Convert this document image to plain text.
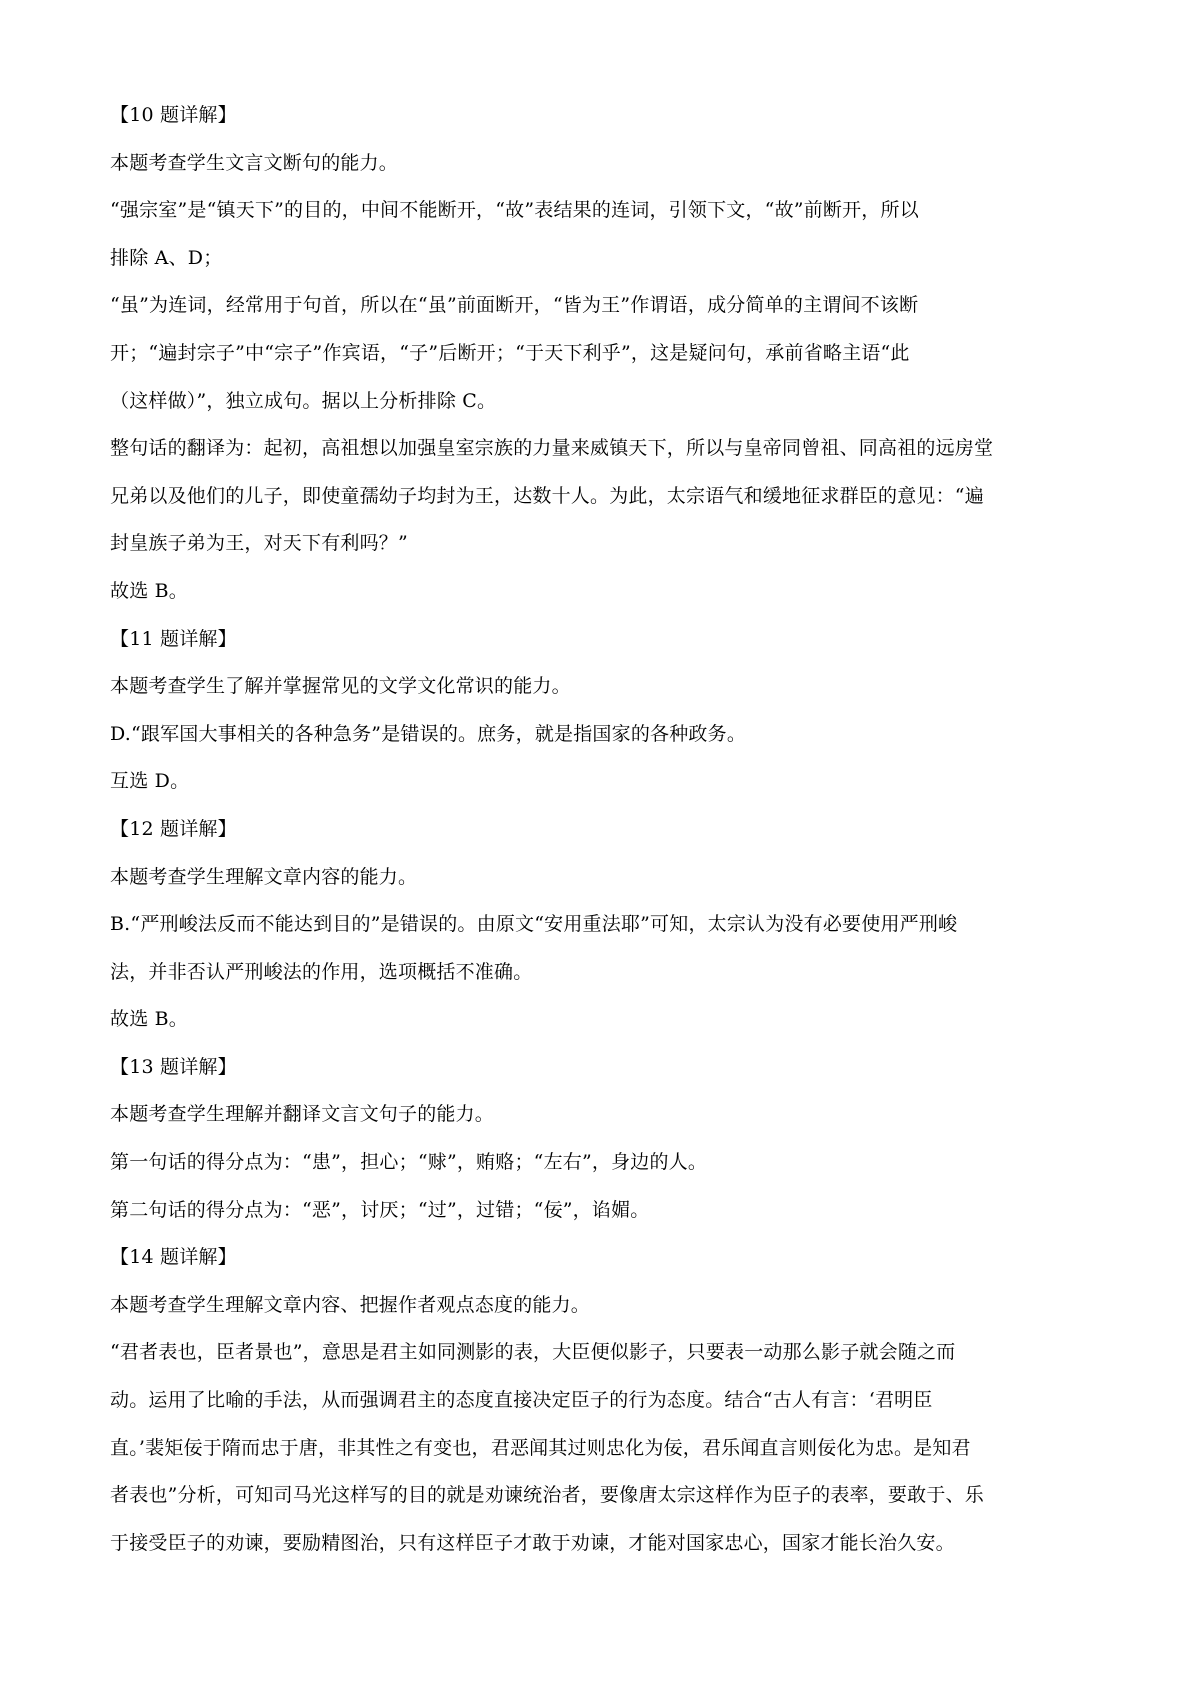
【10 题详解】
本题考查学生文言文断句的能力。
“强宗室”是“镇天下”的目的，中间不能断开，“故”表结果的连词，引领下文，“故”前断开，所以
排除 A、D；
“虽”为连词，经常用于句首，所以在“虽”前面断开，“皆为王”作谓语，成分简单的主谓间不该断
开；“遍封宗子”中“宗子”作宾语，“子”后断开；“于天下利乎”，这是疑问句，承前省略主语“此
（这样做）”，独立成句。据以上分析排除 C。
整句话的翻译为：起初，高祖想以加强皇室宗族的力量来威镇天下，所以与皇帝同曾祖、同高祖的远房堂
兄弟以及他们的儿子，即使童孺幼子均封为王，达数十人。为此，太宗语气和缓地征求群臣的意见：“遍
封皇族子弟为王，对天下有利吗？”
故选 B。
【11 题详解】
本题考查学生了解并掌握常见的文学文化常识的能力。
D.“跟军国大事相关的各种急务”是错误的。庶务，就是指国家的各种政务。
互选 D。
【12 题详解】
本题考查学生理解文章内容的能力。
B.“严刑峻法反而不能达到目的”是错误的。由原文“安用重法耶”可知，太宗认为没有必要使用严刑峻
法，并非否认严刑峻法的作用，选项概括不准确。
故选 B。
【13 题详解】
本题考查学生理解并翻译文言文句子的能力。
第一句话的得分点为：“患”，担心；“赇”，贿赂；“左右”，身边的人。
第二句话的得分点为：“恶”，讨厌；“过”，过错；“佞”，谄媚。
【14 题详解】
本题考查学生理解文章内容、把握作者观点态度的能力。
“君者表也，臣者景也”，意思是君主如同测影的表，大臣便似影子，只要表一动那么影子就会随之而
动。运用了比喻的手法，从而强调君主的态度直接决定臣子的行为态度。结合“古人有言：‘君明臣
直。’裴矩佞于隋而忠于唐，非其性之有变也，君恶闻其过则忠化为佞，君乐闻直言则佞化为忠。是知君
者表也”分析，可知司马光这样写的目的就是劝谏统治者，要像唐太宗这样作为臣子的表率，要敢于、乐
于接受臣子的劝谏，要励精图治，只有这样臣子才敢于劝谏，才能对国家忠心，国家才能长治久安。
